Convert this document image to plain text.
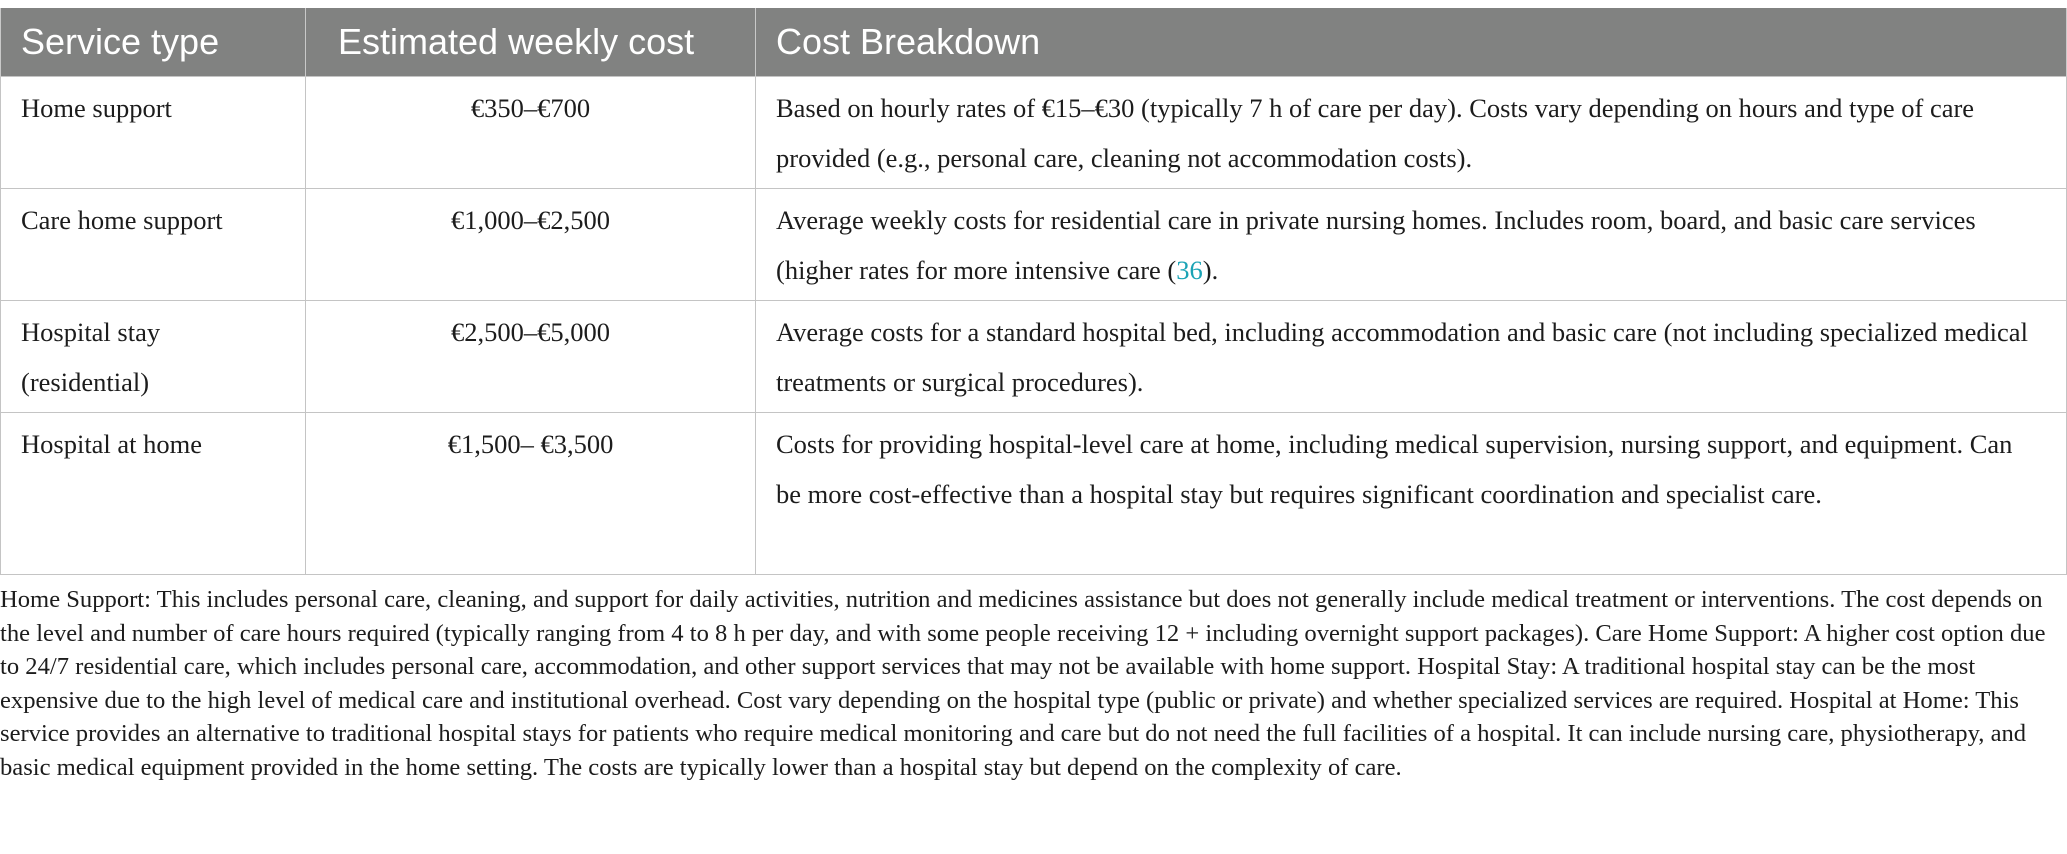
Service type	Estimated weekly cost	Cost Breakdown
Home support	€350–€700	Based on hourly rates of €15–€30 (typically 7 h of care per day). Costs vary depending on hours and type of care provided (e.g., personal care, cleaning not accommodation costs).
Care home support	€1,000–€2,500	Average weekly costs for residential care in private nursing homes. Includes room, board, and basic care services (higher rates for more intensive care (36).
Hospital stay (residential)	€2,500–€5,000	Average costs for a standard hospital bed, including accommodation and basic care (not including specialized medical treatments or surgical procedures).
Hospital at home	€1,500– €3,500	Costs for providing hospital-level care at home, including medical supervision, nursing support, and equipment. Can be more cost-effective than a hospital stay but requires significant coordination and specialist care.

Home Support: This includes personal care, cleaning, and support for daily activities, nutrition and medicines assistance but does not generally include medical treatment or interventions. The cost depends on the level and number of care hours required (typically ranging from 4 to 8 h per day, and with some people receiving 12 + including overnight support packages). Care Home Support: A higher cost option due to 24/7 residential care, which includes personal care, accommodation, and other support services that may not be available with home support. Hospital Stay: A traditional hospital stay can be the most expensive due to the high level of medical care and institutional overhead. Cost vary depending on the hospital type (public or private) and whether specialized services are required. Hospital at Home: This service provides an alternative to traditional hospital stays for patients who require medical monitoring and care but do not need the full facilities of a hospital. It can include nursing care, physiotherapy, and basic medical equipment provided in the home setting. The costs are typically lower than a hospital stay but depend on the complexity of care.
